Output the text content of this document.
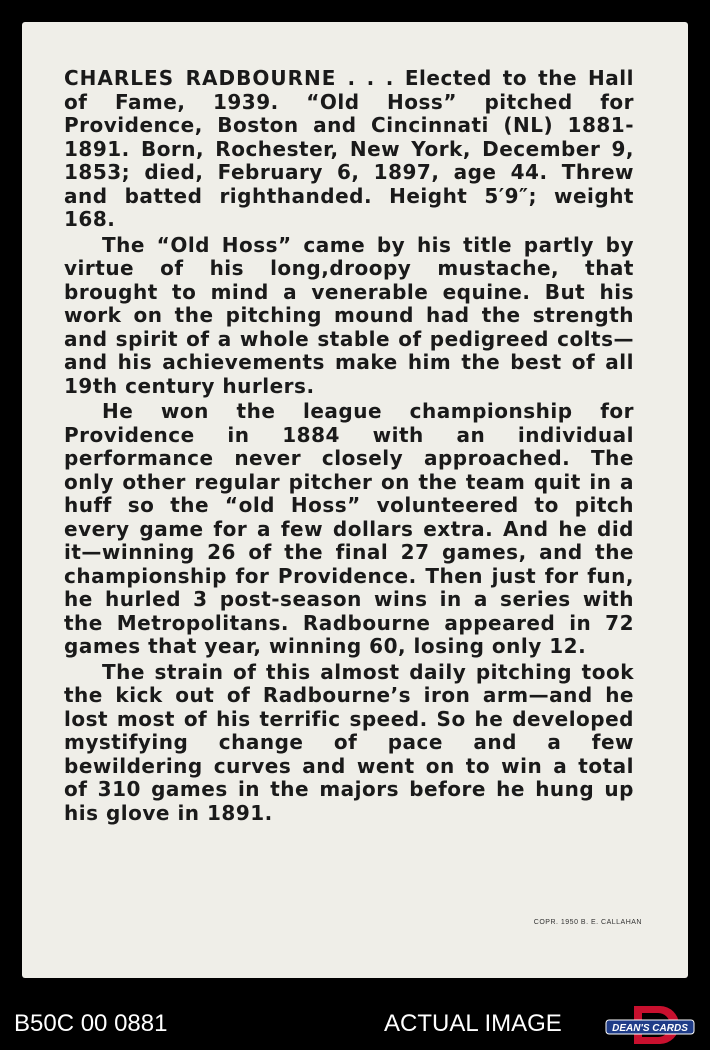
CHARLES RADBOURNE . . . Elected to the Hall of Fame, 1939. “Old Hoss” pitched for Providence, Boston and Cincinnati (NL) 1881-1891. Born, Rochester, New York, December 9, 1853; died, February 6, 1897, age 44. Threw and batted righthanded. Height 5′9″; weight 168.

The “Old Hoss” came by his title partly by virtue of his long,droopy mustache, that brought to mind a venerable equine. But his work on the pitching mound had the strength and spirit of a whole stable of pedigreed colts—and his achievements make him the best of all 19th century hurlers.

He won the league championship for Providence in 1884 with an individual performance never closely approached. The only other regular pitcher on the team quit in a huff so the “old Hoss” volunteered to pitch every game for a few dollars extra. And he did it—winning 26 of the final 27 games, and the championship for Providence. Then just for fun, he hurled 3 post-season wins in a series with the Metropolitans. Radbourne appeared in 72 games that year, winning 60, losing only 12.

The strain of this almost daily pitching took the kick out of Radbourne’s iron arm—and he lost most of his terrific speed. So he developed mystifying change of pace and a few bewildering curves and went on to win a total of 310 games in the majors before he hung up his glove in 1891.

COPR. 1950 B. E. CALLAHAN
B50C 00 0881	ACTUAL IMAGE	DEAN'S CARDS
